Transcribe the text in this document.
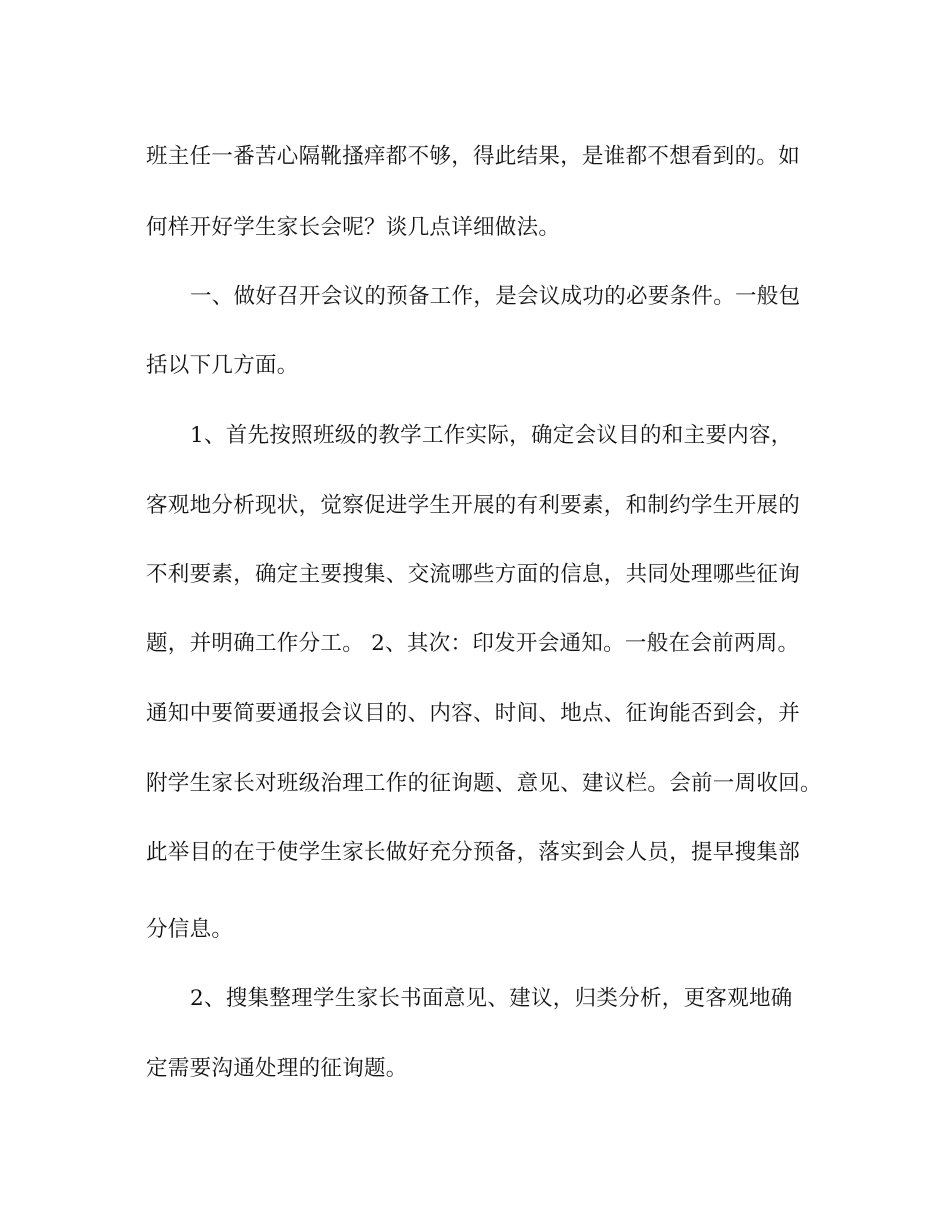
班主任一番苦心隔靴搔痒都不够，得此结果，是谁都不想看到的。如
何样开好学生家长会呢？谈几点详细做法。
一、做好召开会议的预备工作，是会议成功的必要条件。一般包
括以下几方面。
1、首先按照班级的教学工作实际，确定会议目的和主要内容，
客观地分析现状，觉察促进学生开展的有利要素，和制约学生开展的
不利要素，确定主要搜集、交流哪些方面的信息，共同处理哪些征询
题，并明确工作分工。 2、其次：印发开会通知。一般在会前两周。
通知中要简要通报会议目的、内容、时间、地点、征询能否到会，并
附学生家长对班级治理工作的征询题、意见、建议栏。会前一周收回。
此举目的在于使学生家长做好充分预备，落实到会人员，提早搜集部
分信息。
2、搜集整理学生家长书面意见、建议，归类分析，更客观地确
定需要沟通处理的征询题。
